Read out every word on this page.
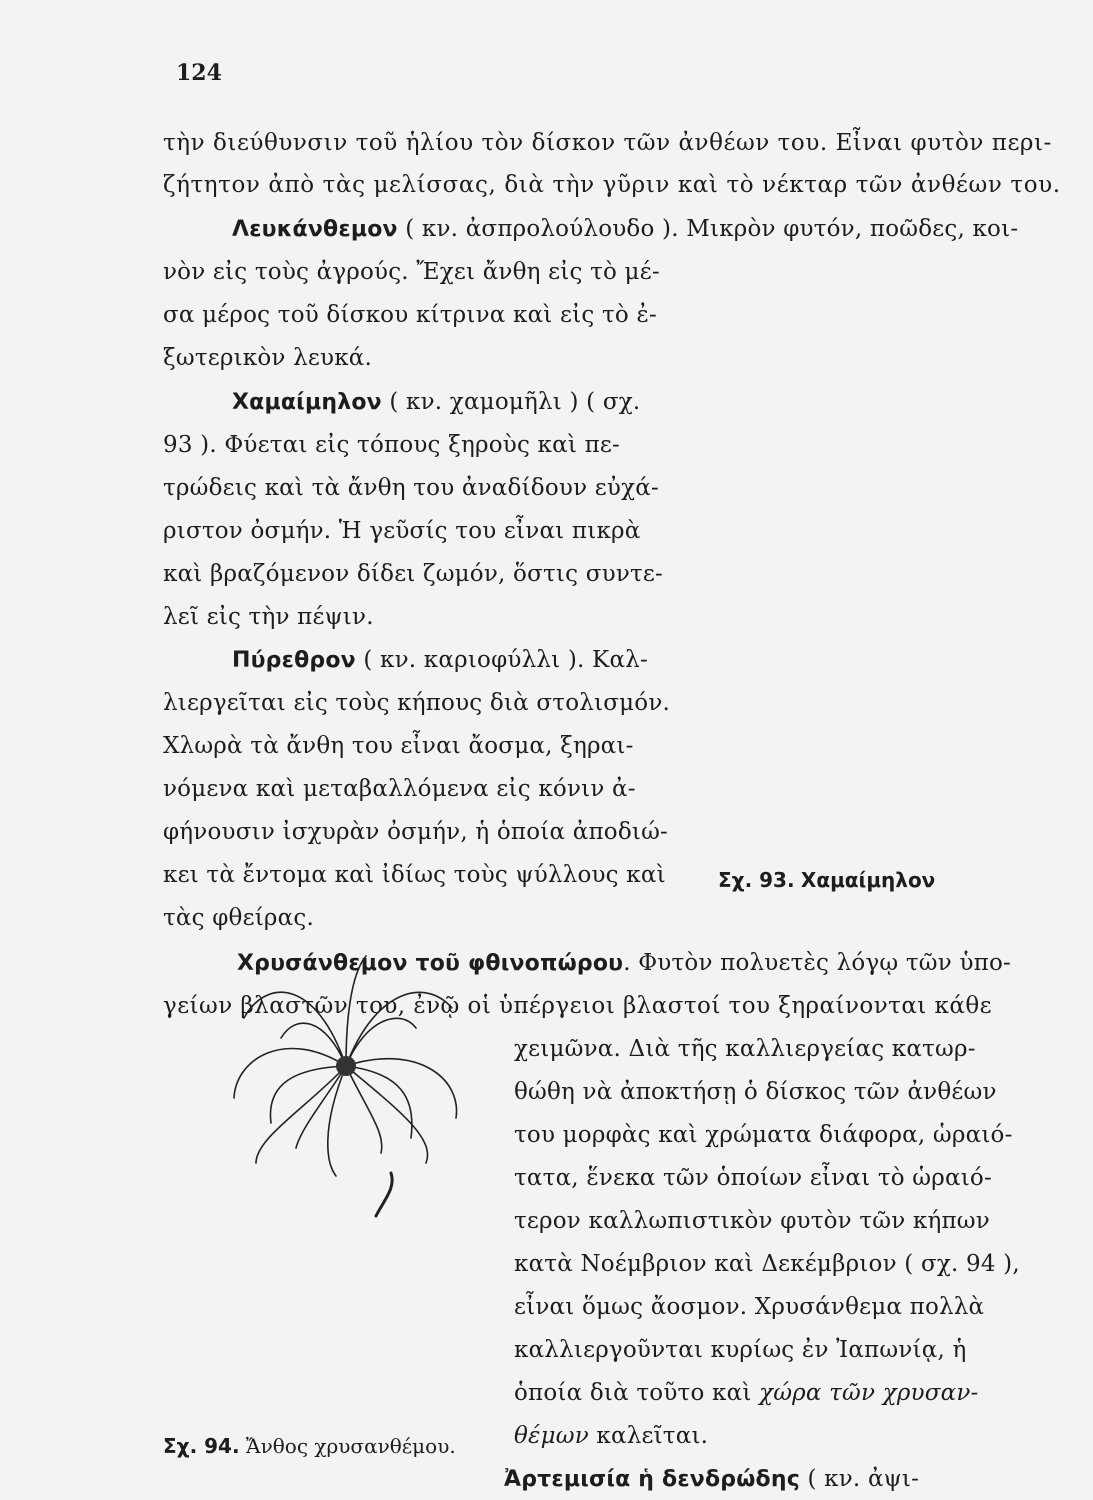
124
τὴν διεύθυνσιν τοῦ ἡλίου τὸν δίσκον τῶν ἀνθέων του. Εἶναι φυτὸν περι-
ζήτητον ἀπὸ τὰς μελίσσας, διὰ τὴν γῦριν καὶ τὸ νέκταρ τῶν ἀνθέων του.
Λευκάνθεμον ( κν. ἀσπρολούλουδο ). Μικρὸν φυτόν, ποῶδες, κοι-
νὸν εἰς τοὺς ἀγρούς. Ἔχει ἄνθη εἰς τὸ μέ-
σα μέρος τοῦ δίσκου κίτρινα καὶ εἰς τὸ ἐ-
ξωτερικὸν λευκά.
Χαμαίμηλον ( κν. χαμομῆλι ) ( σχ.
93 ). Φύεται εἰς τόπους ξηροὺς καὶ πε-
τρώδεις καὶ τὰ ἄνθη του ἀναδίδουν εὐχά-
ριστον ὀσμήν. Ἡ γεῦσίς του εἶναι πικρὰ
καὶ βραζόμενον δίδει ζωμόν, ὅστις συντε-
λεῖ εἰς τὴν πέψιν.
Πύρεθρον ( κν. καριοφύλλι ). Καλ-
λιεργεῖται εἰς τοὺς κήπους διὰ στολισμόν.
Χλωρὰ τὰ ἄνθη του εἶναι ἄοσμα, ξηραι-
νόμενα καὶ μεταβαλλόμενα εἰς κόνιν ἀ-
φήνουσιν ἰσχυρὰν ὀσμήν, ἡ ὁποία ἀποδιώ-
κει τὰ ἔντομα καὶ ἰδίως τοὺς ψύλλους καὶ
τὰς φθείρας.
Σχ. 93. Χαμαίμηλον
Χρυσάνθεμον τοῦ φθινοπώρου. Φυτὸν πολυετὲς λόγῳ τῶν ὑπο-
γείων βλαστῶν του, ἐνῷ οἱ ὑπέργειοι βλαστοί του ξηραίνονται κάθε
χειμῶνα. Διὰ τῆς καλλιεργείας κατωρ-
θώθη νὰ ἀποκτήσῃ ὁ δίσκος τῶν ἀνθέων
του μορφὰς καὶ χρώματα διάφορα, ὡραιό-
τατα, ἕνεκα τῶν ὁποίων εἶναι τὸ ὡραιό-
τερον καλλωπιστικὸν φυτὸν τῶν κήπων
κατὰ Νοέμβριον καὶ Δεκέμβριον ( σχ. 94 ),
εἶναι ὅμως ἄοσμον. Χρυσάνθεμα πολλὰ
καλλιεργοῦνται κυρίως ἐν Ἰαπωνίᾳ, ἡ
ὁποία διὰ τοῦτο καὶ χώρα τῶν χρυσαν-
θέμων καλεῖται.
Σχ. 94. Ἄνθος χρυσανθέμου.
Ἀρτεμισία ἡ δενδρώδης ( κν. ἀψι-
